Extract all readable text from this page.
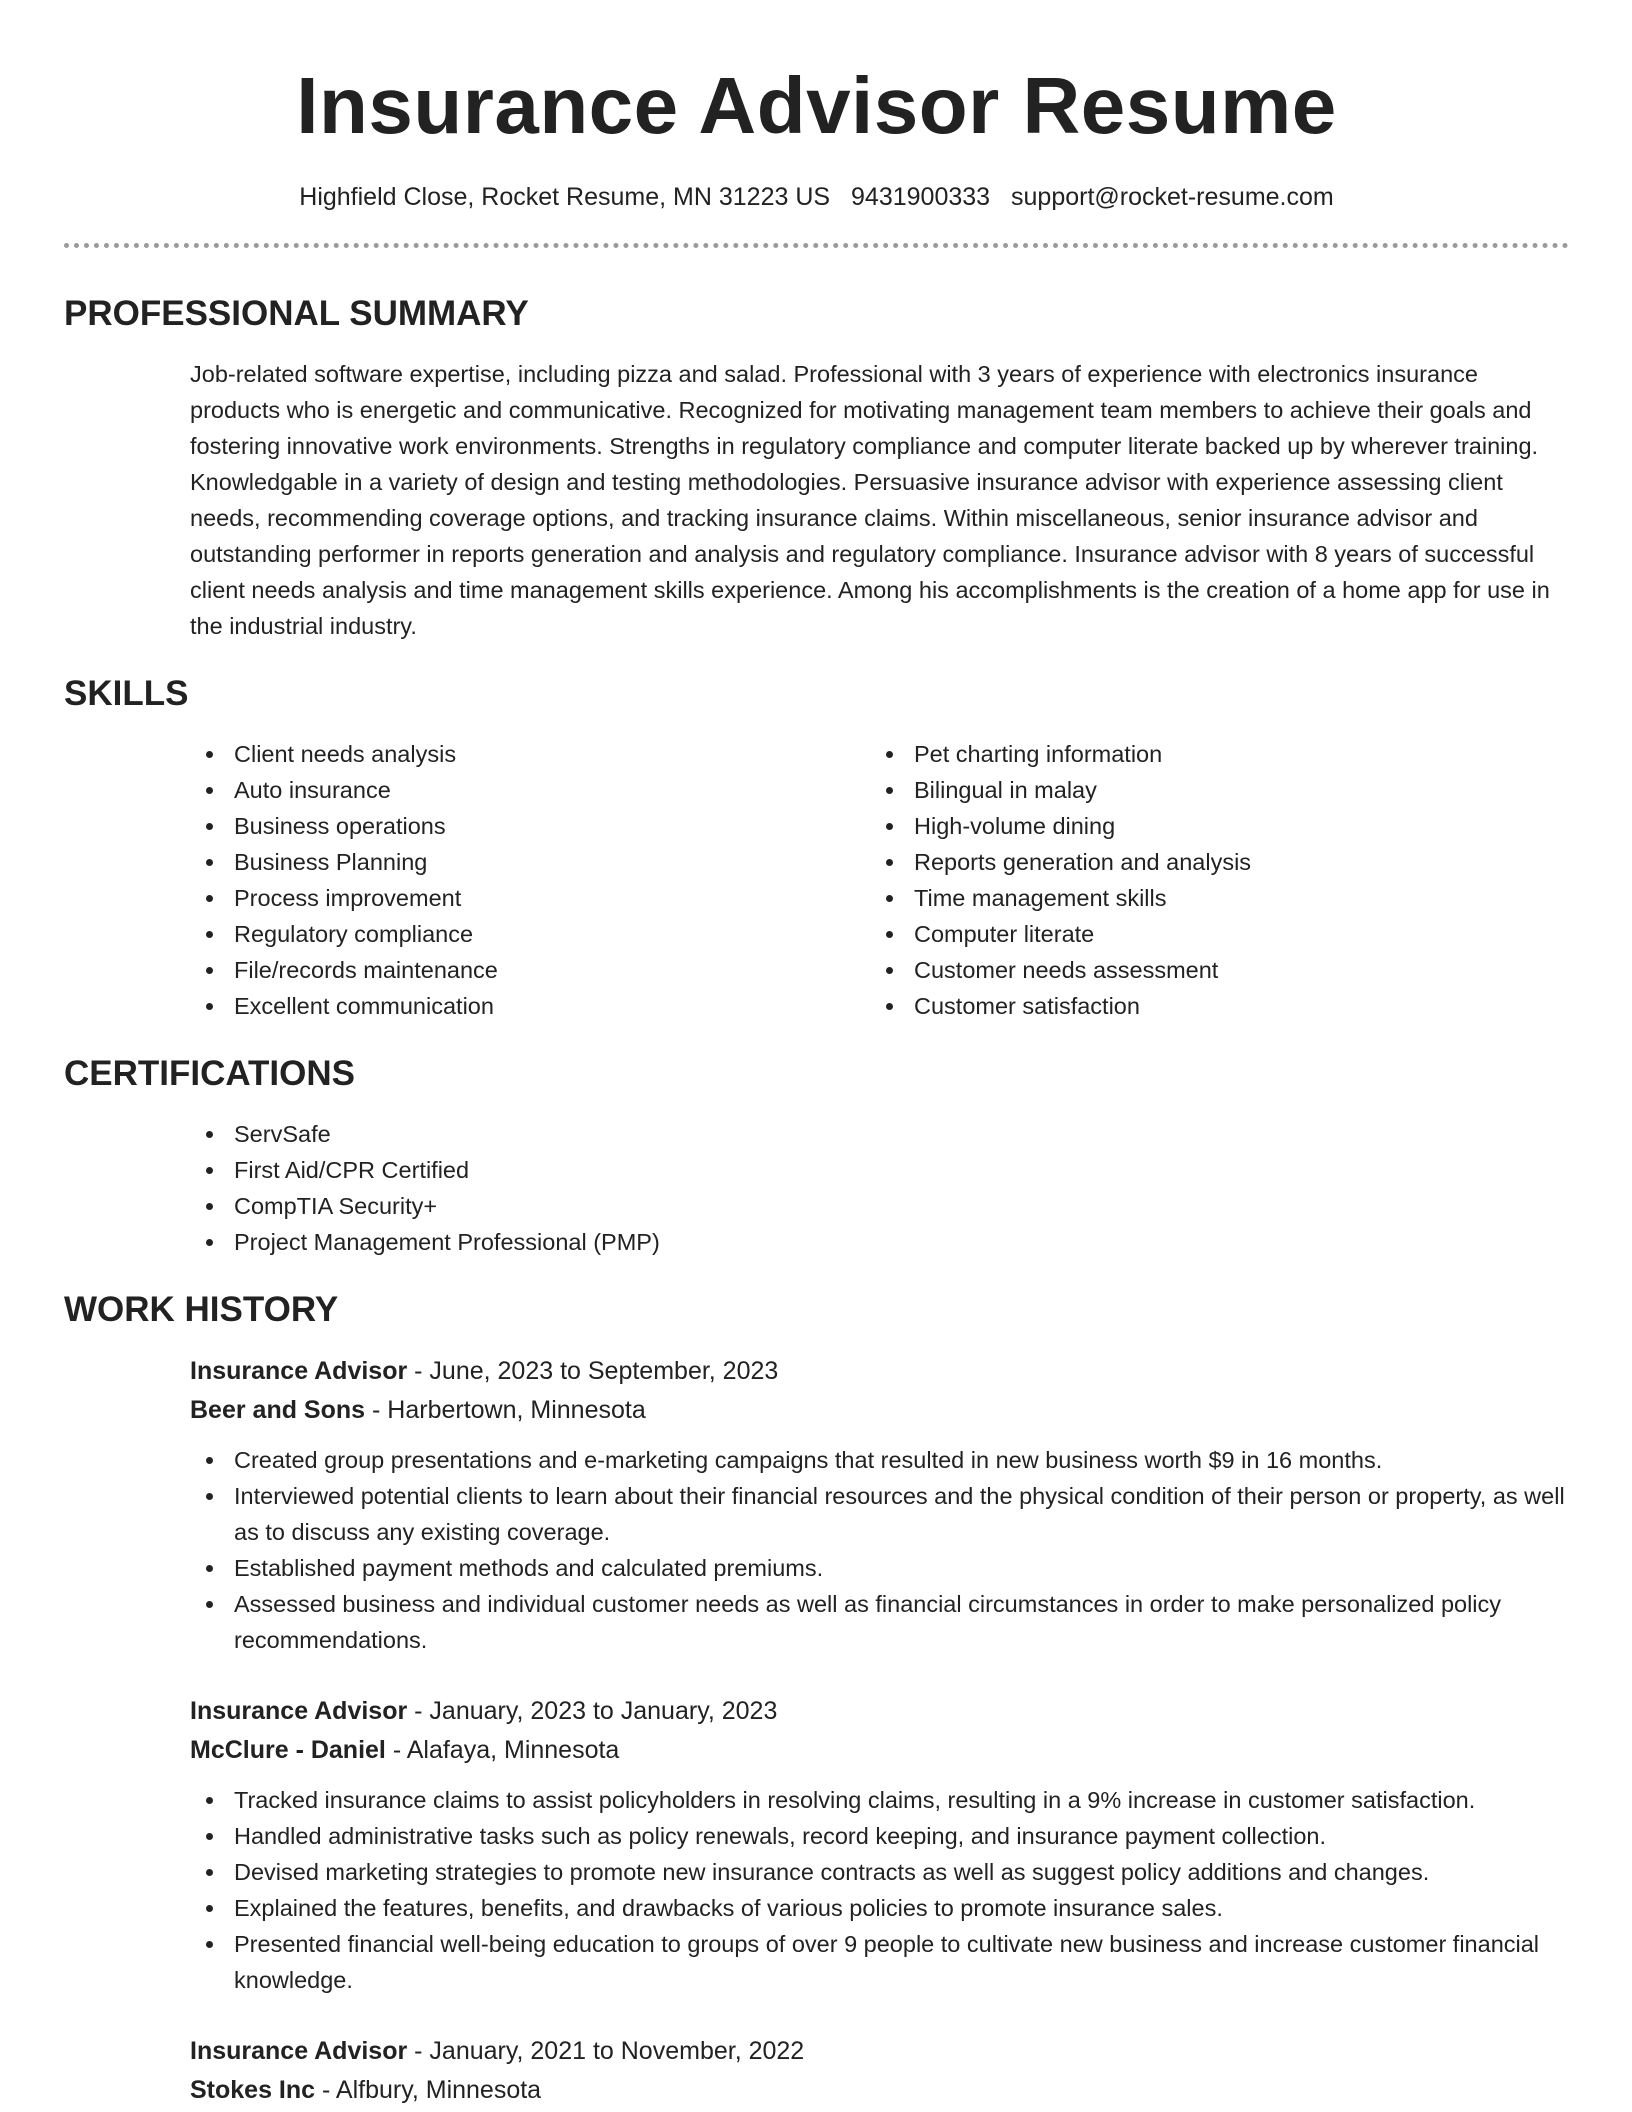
Insurance Advisor Resume
Highfield Close, Rocket Resume, MN 31223 US 9431900333 support@rocket-resume.com
PROFESSIONAL SUMMARY

Job-related software expertise, including pizza and salad. Professional with 3 years of experience with electronics insurance products who is energetic and communicative. Recognized for motivating management team members to achieve their goals and fostering innovative work environments. Strengths in regulatory compliance and computer literate backed up by wherever training. Knowledgable in a variety of design and testing methodologies. Persuasive insurance advisor with experience assessing client needs, recommending coverage options, and tracking insurance claims. Within miscellaneous, senior insurance advisor and outstanding performer in reports generation and analysis and regulatory compliance. Insurance advisor with 8 years of successful client needs analysis and time management skills experience. Among his accomplishments is the creation of a home app for use in the industrial industry.

SKILLS
Client needs analysis
Auto insurance
Business operations
Business Planning
Process improvement
Regulatory compliance
File/records maintenance
Excellent communication
Pet charting information
Bilingual in malay
High-volume dining
Reports generation and analysis
Time management skills
Computer literate
Customer needs assessment
Customer satisfaction
CERTIFICATIONS
ServSafe
First Aid/CPR Certified
CompTIA Security+
Project Management Professional (PMP)
WORK HISTORY
Insurance Advisor - June, 2023 to September, 2023
Beer and Sons - Harbertown, Minnesota
Created group presentations and e-marketing campaigns that resulted in new business worth $9 in 16 months.
Interviewed potential clients to learn about their financial resources and the physical condition of their person or property, as well as to discuss any existing coverage.
Established payment methods and calculated premiums.
Assessed business and individual customer needs as well as financial circumstances in order to make personalized policy recommendations.
Insurance Advisor - January, 2023 to January, 2023
McClure - Daniel - Alafaya, Minnesota
Tracked insurance claims to assist policyholders in resolving claims, resulting in a 9% increase in customer satisfaction.
Handled administrative tasks such as policy renewals, record keeping, and insurance payment collection.
Devised marketing strategies to promote new insurance contracts as well as suggest policy additions and changes.
Explained the features, benefits, and drawbacks of various policies to promote insurance sales.
Presented financial well-being education to groups of over 9 people to cultivate new business and increase customer financial knowledge.
Insurance Advisor - January, 2021 to November, 2022
Stokes Inc - Alfbury, Minnesota
